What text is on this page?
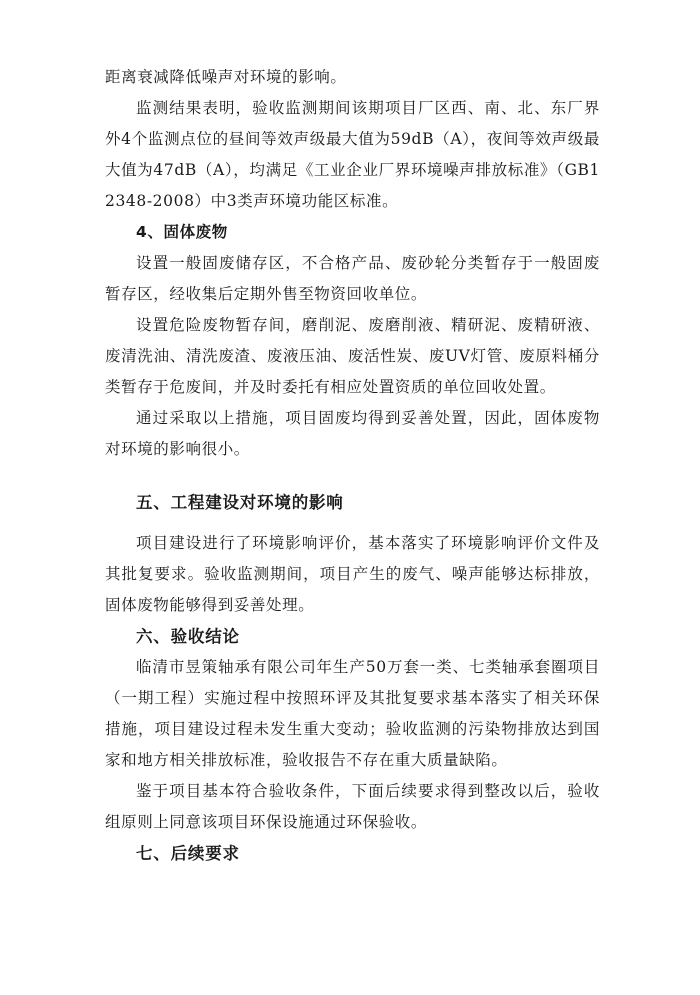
距离衰减降低噪声对环境的影响。

监测结果表明，验收监测期间该期项目厂区西、南、北、东厂界外4个监测点位的昼间等效声级最大值为59dB（A），夜间等效声级最大值为47dB（A），均满足《工业企业厂界环境噪声排放标准》（GB12348-2008）中3类声环境功能区标准。

4、固体废物

设置一般固废储存区，不合格产品、废砂轮分类暂存于一般固废暂存区，经收集后定期外售至物资回收单位。

设置危险废物暂存间，磨削泥、废磨削液、精研泥、废精研液、废清洗油、清洗废渣、废液压油、废活性炭、废UV灯管、废原料桶分类暂存于危废间，并及时委托有相应处置资质的单位回收处置。

通过采取以上措施，项目固废均得到妥善处置，因此，固体废物对环境的影响很小。

五、工程建设对环境的影响

项目建设进行了环境影响评价，基本落实了环境影响评价文件及其批复要求。验收监测期间，项目产生的废气、噪声能够达标排放，固体废物能够得到妥善处理。

六、验收结论

临清市昱策轴承有限公司年生产50万套一类、七类轴承套圈项目（一期工程）实施过程中按照环评及其批复要求基本落实了相关环保措施，项目建设过程未发生重大变动；验收监测的污染物排放达到国家和地方相关排放标准，验收报告不存在重大质量缺陷。

鉴于项目基本符合验收条件，下面后续要求得到整改以后，验收组原则上同意该项目环保设施通过环保验收。

七、后续要求
